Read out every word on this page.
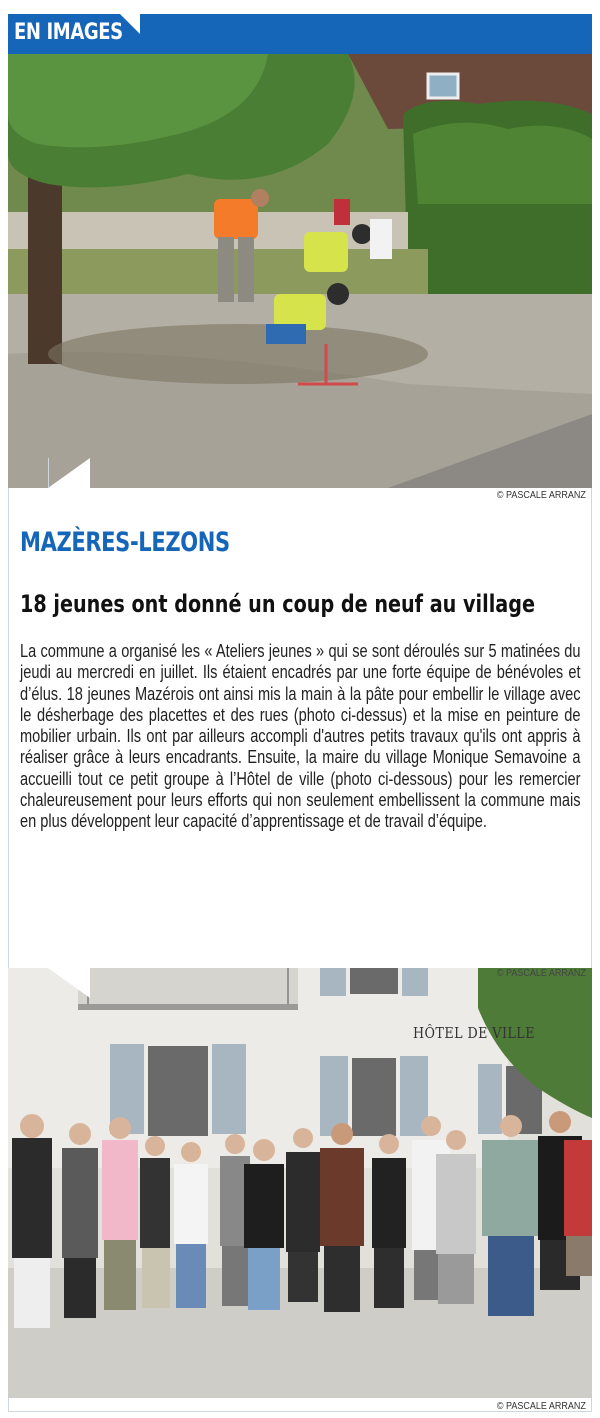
EN IMAGES
© PASCALE ARRANZ
MAZÈRES-LEZONS
18 jeunes ont donné un coup de neuf au village
La commune a organisé les « Ateliers jeunes » qui se sont déroulés sur 5 matinées du jeudi au mercredi en juillet. Ils étaient encadrés par une forte équipe de bénévoles et d’élus. 18 jeunes Mazérois ont ainsi mis la main à la pâte pour embellir le village avec le désherbage des placettes et des rues (photo ci-dessus) et la mise en peinture de mobilier urbain. Ils ont par ailleurs accompli d'autres petits travaux qu'ils ont appris à réaliser grâce à leurs encadrants. Ensuite, la maire du village Monique Semavoine a accueilli tout ce petit groupe à l’Hôtel de ville (photo ci-dessous) pour les remercier chaleureusement pour leurs efforts qui non seulement embellissent la commune mais en plus développent leur capacité d’apprentissage et de travail d’équipe.
HÔTEL DE VILLE
© PASCALE ARRANZ
© PASCALE ARRANZ
